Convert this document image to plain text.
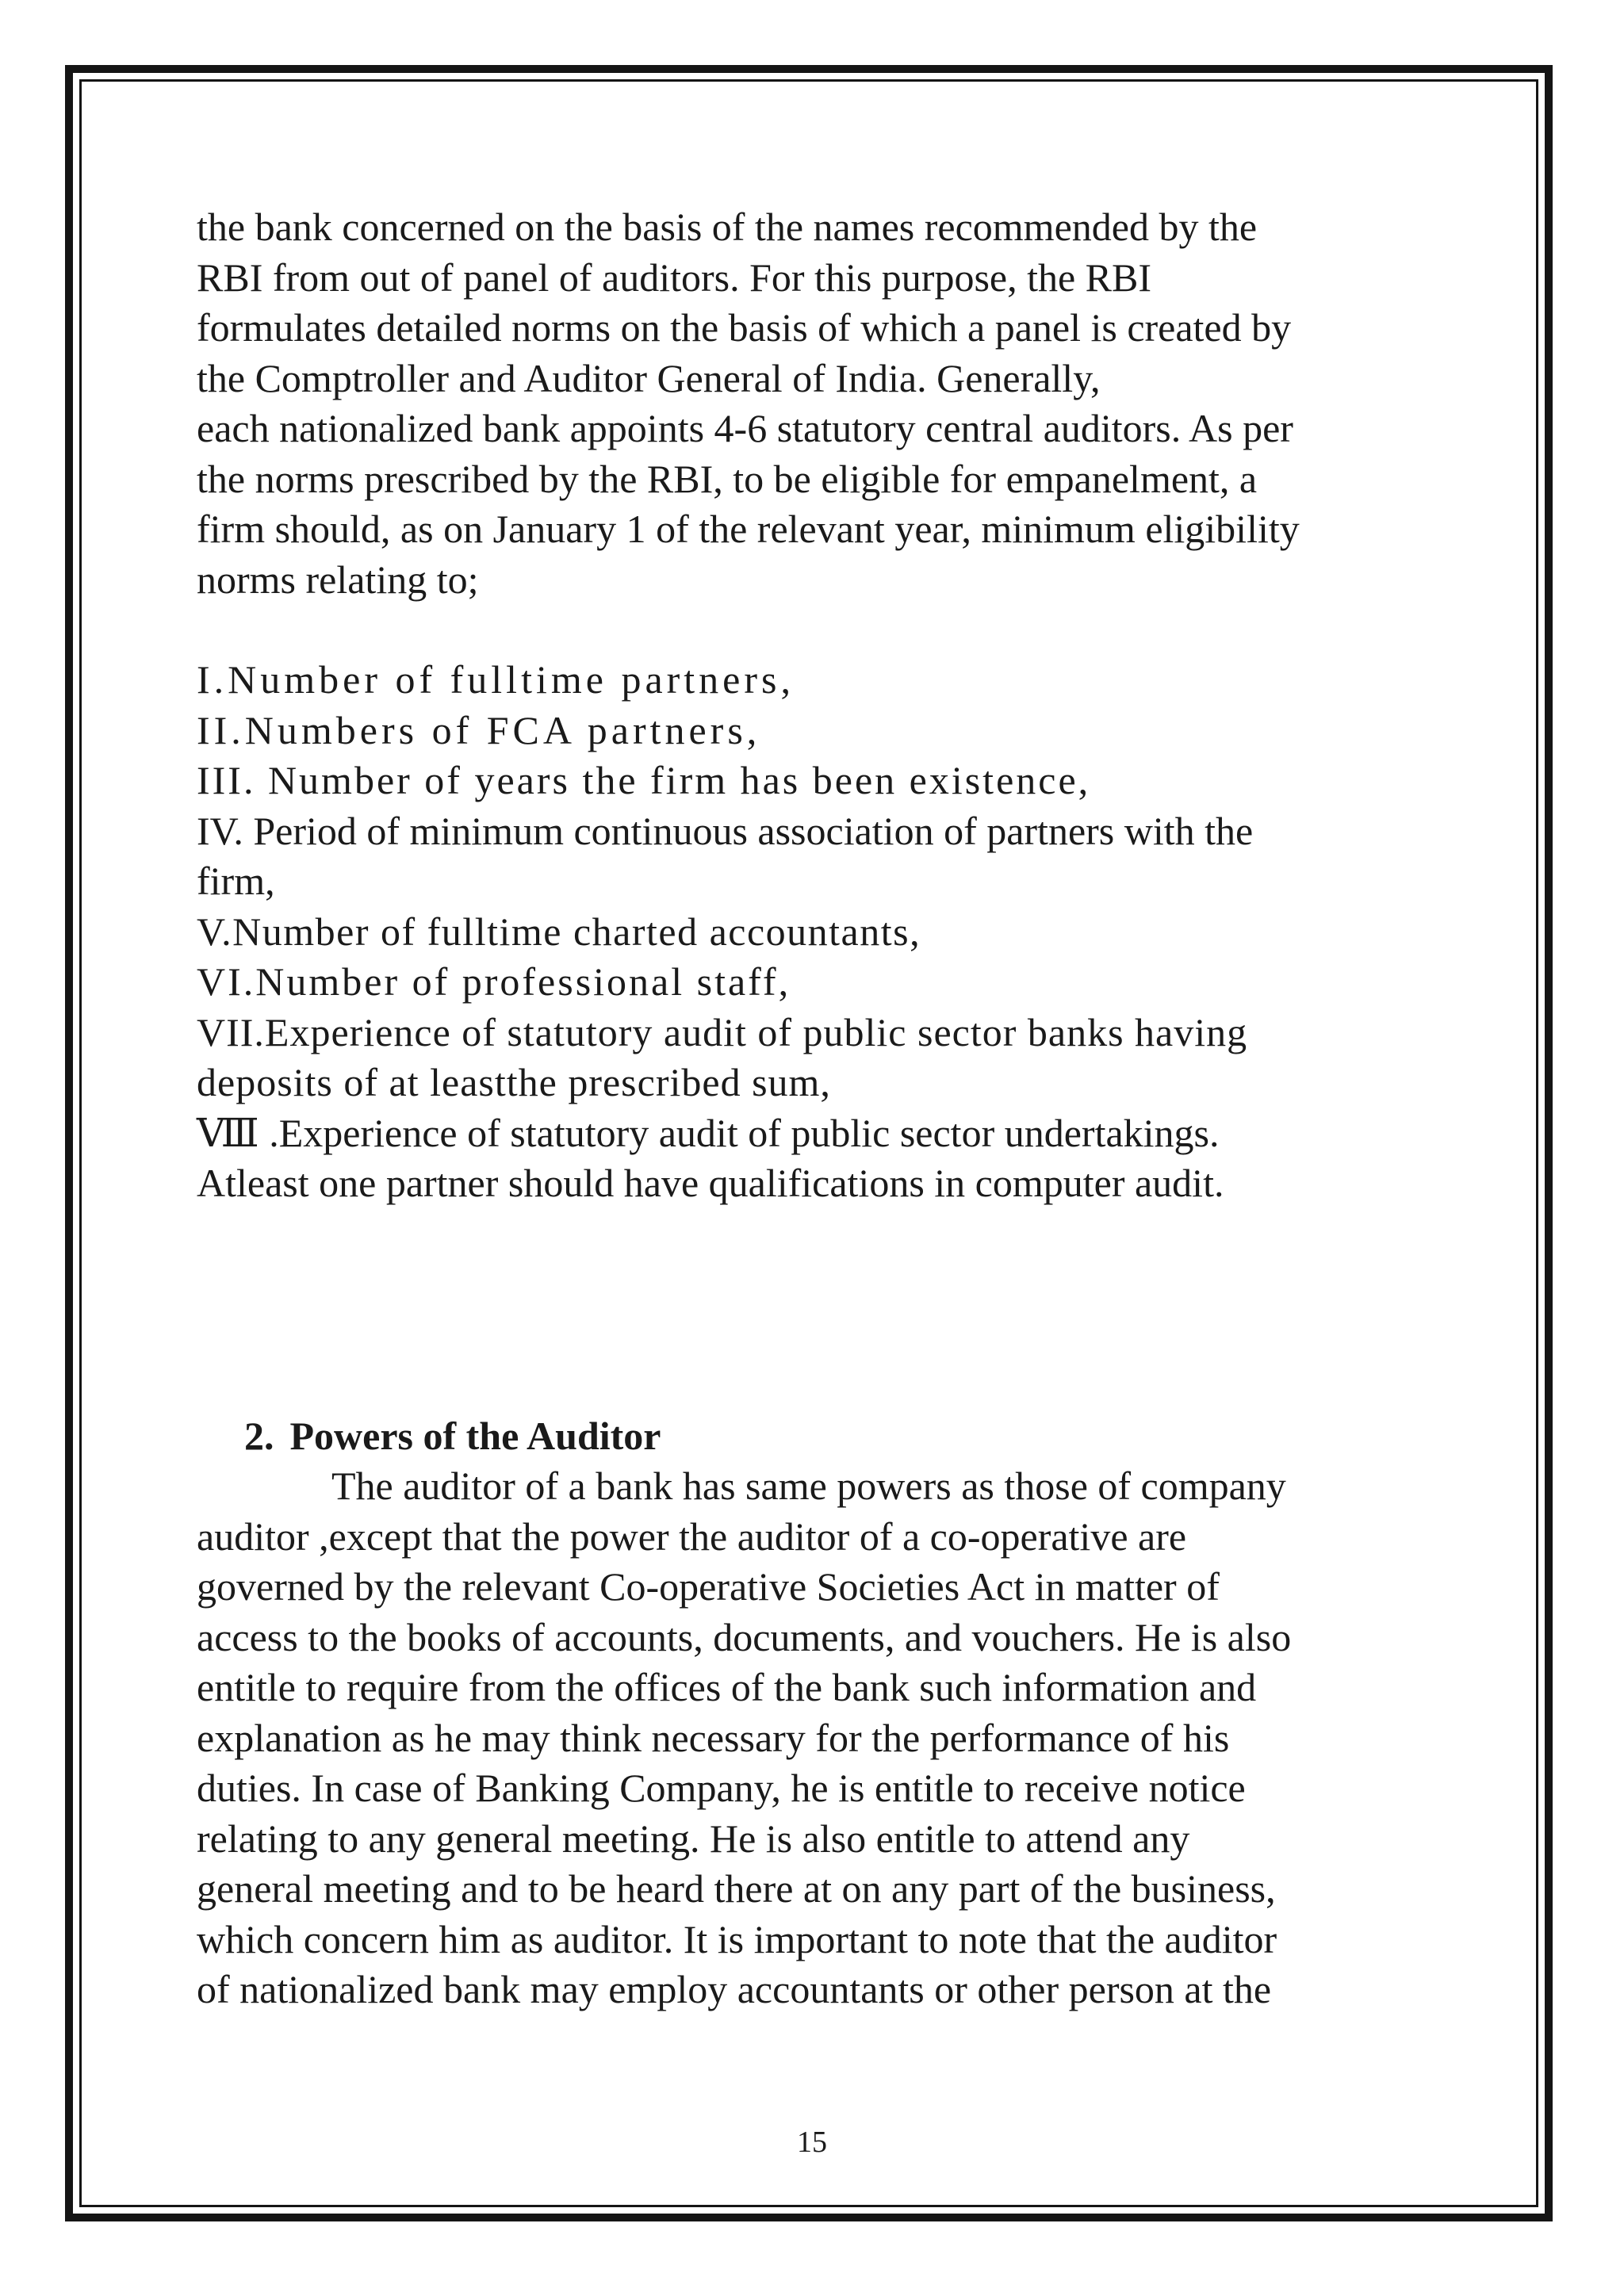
the bank concerned on the basis of the names recommended by the
RBI from out of panel of auditors. For this purpose, the RBI
formulates detailed norms on the basis of which a panel is created by
the Comptroller and Auditor General of India. Generally,
each nationalized bank appoints 4-6 statutory central auditors. As per
the norms prescribed by the RBI, to be eligible for empanelment, a
firm should, as on January 1 of the relevant year, minimum eligibility
norms relating to;
I.Number of fulltime partners,
II.Numbers of FCA partners,
III. Number of years the firm has been existence,
IV. Period of minimum continuous association of partners with the
firm,
V.Number of fulltime charted accountants,
VI.Number of professional staff,
VII.Experience of statutory audit of public sector banks having
deposits of at leastthe prescribed sum,
Ⅷ .Experience of statutory audit of public sector undertakings.
Atleast one partner should have qualifications in computer audit.
2. Powers of the Auditor
The auditor of a bank has same powers as those of company
auditor ,except that the power the auditor of a co-operative are
governed by the relevant Co-operative Societies Act in matter of
access to the books of accounts, documents, and vouchers. He is also
entitle to require from the offices of the bank such information and
explanation as he may think necessary for the performance of his
duties. In case of Banking Company, he is entitle to receive notice
relating to any general meeting. He is also entitle to attend any
general meeting and to be heard there at on any part of the business,
which concern him as auditor. It is important to note that the auditor
of nationalized bank may employ accountants or other person at the
15
